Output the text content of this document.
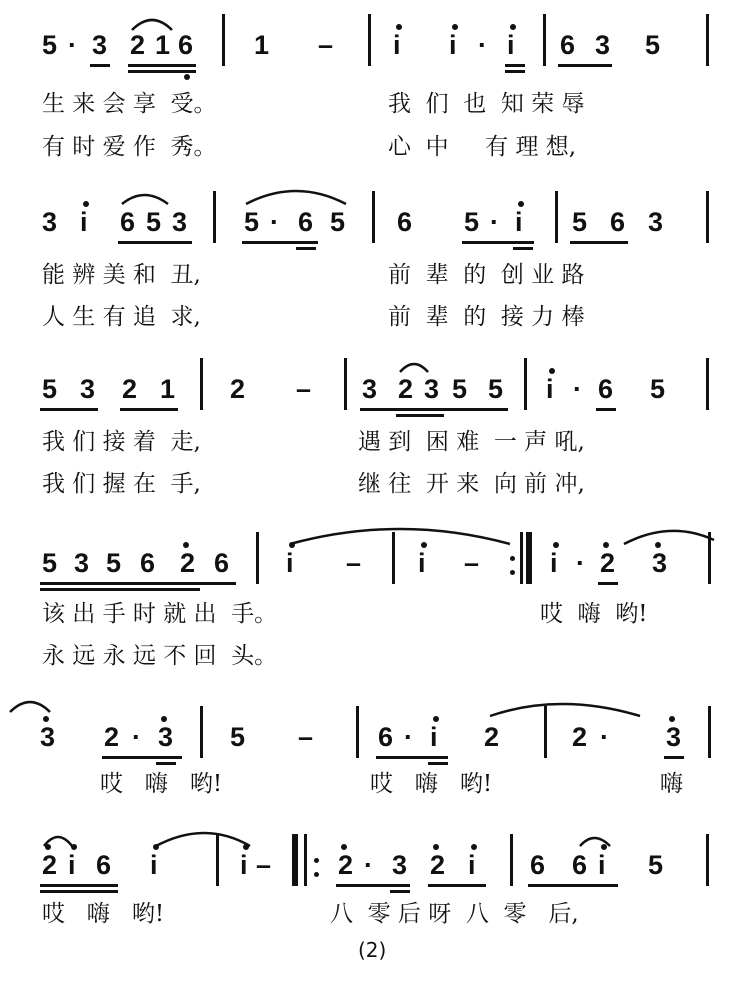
5 · 3 2 1 6 1 – i i · i 6 3 5
生 来 会 享  受。	我  们  也  知 荣 辱
有 时 爱 作  秀。	心  中     有 理 想,
3 i 6 5 3 5 · 6 5 6 5 · i 5 6 3
能 辨 美 和  丑,	前  辈  的  创 业 路
人 生 有 追  求,	前  辈  的  接 力 棒
5 3 2 1 2 – 3 2 3 5 5 i · 6 5
我 们 接 着  走,	遇 到  困 难  一 声 吼,
我 们 握 在  手,	继 往  开 来  向 前 冲,
5 3 5 6 2 6 i – i –	i · 2 3
该 出 手 时 就 出  手。	哎  嗨  哟!
永 远 永 远 不 回  头。
3 2 · 3 5 – 6 · i 2	2 · 3
哎   嗨   哟!	哎   嗨   哟!	嗨
2 i 6 i	i – 2 · 3 2 i 6 6 i 5
哎   嗨   哟!	八  零 后 呀  八  零   后,
(2)
